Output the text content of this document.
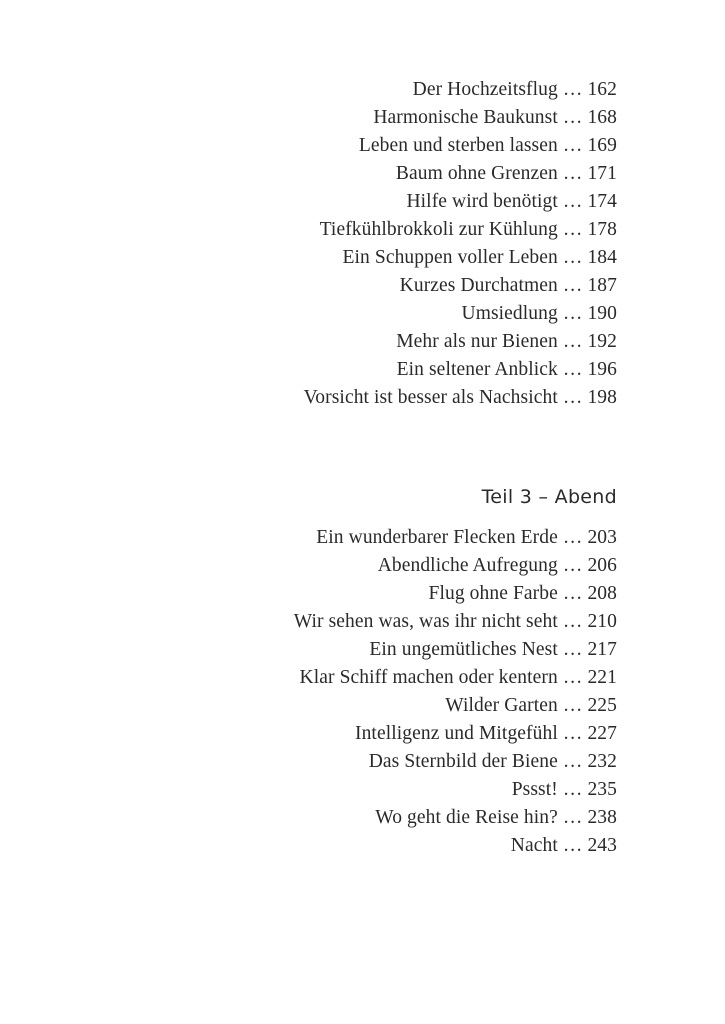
Der Hochzeitsflug … 162
Harmonische Baukunst … 168
Leben und sterben lassen … 169
Baum ohne Grenzen … 171
Hilfe wird benötigt … 174
Tiefkühlbrokkoli zur Kühlung … 178
Ein Schuppen voller Leben … 184
Kurzes Durchatmen … 187
Umsiedlung … 190
Mehr als nur Bienen … 192
Ein seltener Anblick … 196
Vorsicht ist besser als Nachsicht … 198
Teil 3 – Abend
Ein wunderbarer Flecken Erde … 203
Abendliche Aufregung … 206
Flug ohne Farbe … 208
Wir sehen was, was ihr nicht seht … 210
Ein ungemütliches Nest … 217
Klar Schiff machen oder kentern … 221
Wilder Garten … 225
Intelligenz und Mitgefühl … 227
Das Sternbild der Biene … 232
Pssst! … 235
Wo geht die Reise hin? … 238
Nacht … 243
